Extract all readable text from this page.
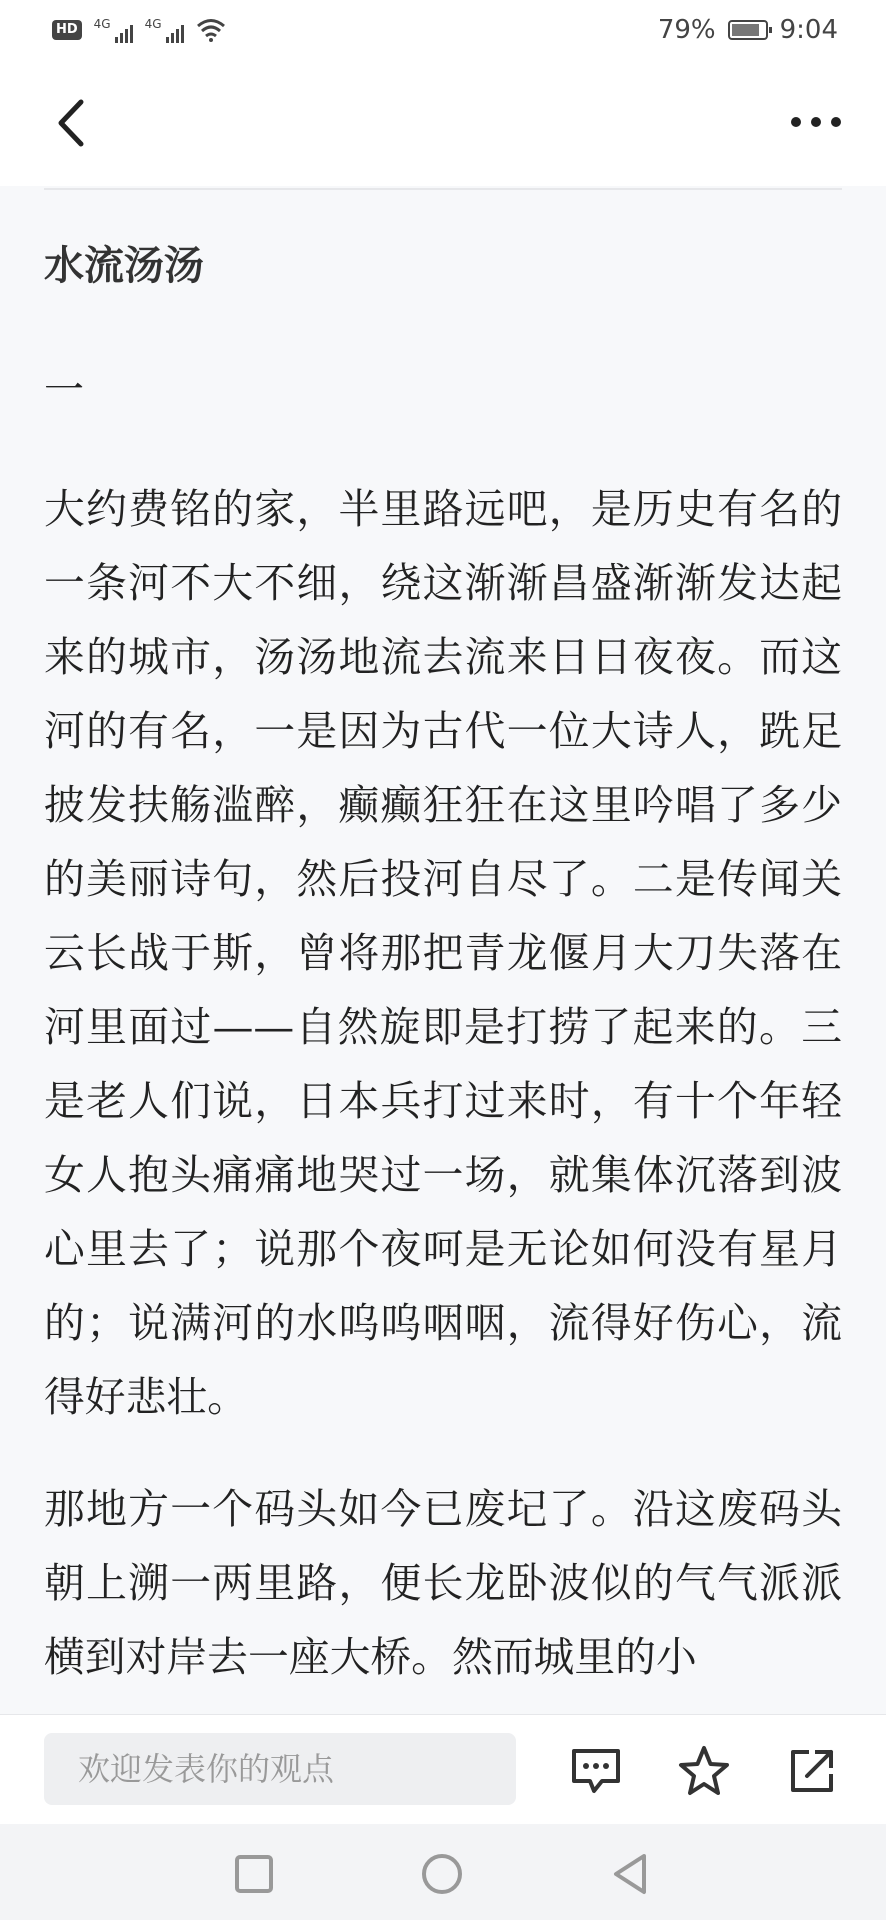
HD	4G	4G	79% 9:04
水流汤汤
一

大约费铭的家，半里路远吧，是历史有名的一条河不大不细，绕这渐渐昌盛渐渐发达起来的城市，汤汤地流去流来日日夜夜。而这河的有名，一是因为古代一位大诗人，跣足披发扶觞滥醉，癫癫狂狂在这里吟唱了多少的美丽诗句，然后投河自尽了。二是传闻关云长战于斯，曾将那把青龙偃月大刀失落在河里面过——自然旋即是打捞了起来的。三是老人们说，日本兵打过来时，有十个年轻女人抱头痛痛地哭过一场，就集体沉落到波心里去了；说那个夜呵是无论如何没有星月的；说满河的水呜呜咽咽，流得好伤心，流得好悲壮。

那地方一个码头如今已废圮了。沿这废码头朝上溯一两里路，便长龙卧波似的气气派派横到对岸去一座大桥。然而城里的小

欢迎发表你的观点
